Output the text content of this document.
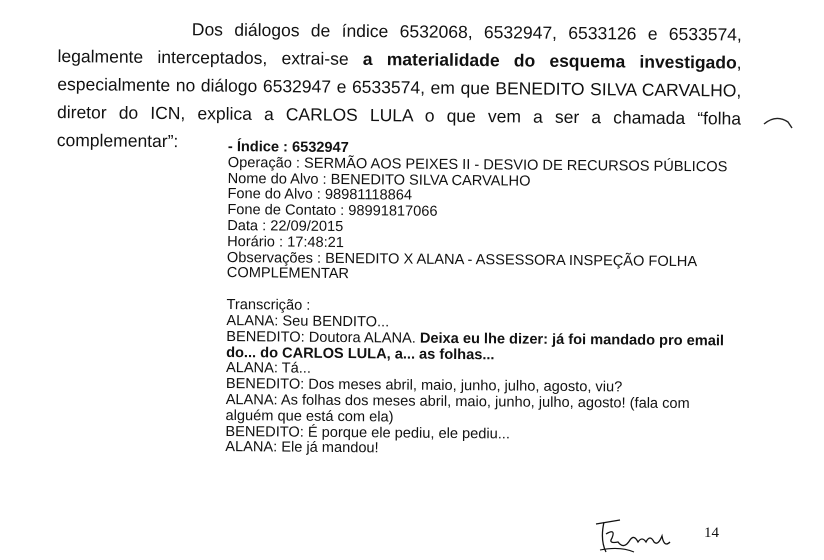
Dos diálogos de índice 6532068, 6532947, 6533126 e 6533574, legalmente interceptados, extrai-se a materialidade do esquema investigado, especialmente no diálogo 6532947 e 6533574, em que BENEDITO SILVA CARVALHO, diretor do ICN, explica a CARLOS LULA o que vem a ser a chamada “folha complementar”:	- Índice : 6532947
Operação : SERMÃO AOS PEIXES II - DESVIO DE RECURSOS PÚBLICOS
Nome do Alvo : BENEDITO SILVA CARVALHO
Fone do Alvo : 98981118864
Fone de Contato : 98991817066
Data : 22/09/2015
Horário : 17:48:21
Observações : BENEDITO X ALANA - ASSESSORA INSPEÇÃO FOLHA COMPLEMENTAR
Transcrição :
ALANA: Seu BENDITO...
BENEDITO: Doutora ALANA. Deixa eu lhe dizer: já foi mandado pro email do... do CARLOS LULA, a... as folhas...
ALANA: Tá...
BENEDITO: Dos meses abril, maio, junho, julho, agosto, viu?
ALANA: As folhas dos meses abril, maio, junho, julho, agosto! (fala com alguém que está com ela)
BENEDITO: É porque ele pediu, ele pediu...
ALANA: Ele já mandou!
14
